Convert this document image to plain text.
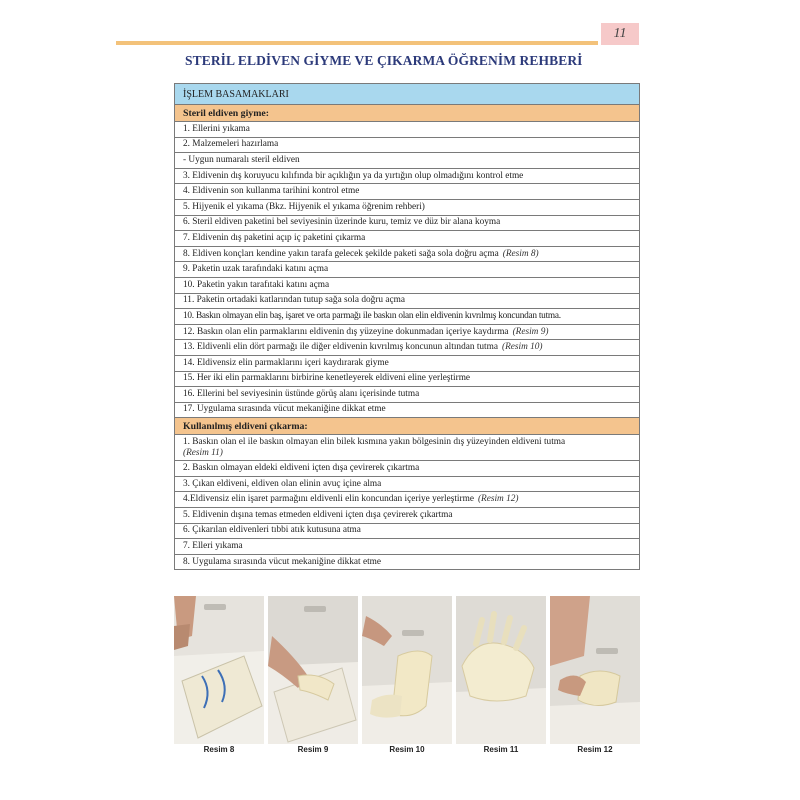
11
STERİL ELDİVEN GİYME VE ÇIKARMA ÖĞRENİM REHBERİ
İŞLEM BASAMAKLARI
Steril eldiven giyme:
1. Ellerini yıkama
2. Malzemeleri hazırlama
- Uygun numaralı steril eldiven
3. Eldivenin dış koruyucu kılıfında bir açıklığın ya da yırtığın olup olmadığını kontrol etme
4. Eldivenin son kullanma tarihini kontrol etme
5. Hijyenik el yıkama (Bkz. Hijyenik el yıkama öğrenim rehberi)
6. Steril eldiven paketini bel seviyesinin üzerinde kuru, temiz ve düz bir alana koyma
7. Eldivenin dış paketini açıp iç paketini çıkarma
8. Eldiven konçları kendine yakın tarafa gelecek şekilde paketi sağa sola doğru açma (Resim 8)
9. Paketin uzak tarafındaki katını açma
10. Paketin yakın tarafıtaki katını açma
11. Paketin ortadaki katlarından tutup sağa sola doğru açma
10. Baskın olmayan elin baş, işaret ve orta parmağı ile baskın olan elin eldivenin kıvrılmış koncundan tutma.
12. Baskın olan elin parmaklarını eldivenin dış yüzeyine dokunmadan içeriye kaydırma (Resim 9)
13. Eldivenli elin dört parmağı ile diğer eldivenin kıvrılmış koncunun altından tutma (Resim 10)
14. Eldivensiz elin parmaklarını içeri kaydırarak giyme
15. Her iki elin parmaklarını birbirine kenetleyerek eldiveni eline yerleştirme
16. Ellerini bel seviyesinin üstünde görüş alanı içerisinde tutma
17. Uygulama sırasında vücut mekaniğine dikkat etme
Kullanılmış eldiveni çıkarma:
1. Baskın olan el ile baskın olmayan elin bilek kısmına yakın bölgesinin dış yüzeyinden eldiveni tutma
(Resim 11)
2. Baskın olmayan eldeki eldiveni içten dışa çevirerek çıkartma
3. Çıkan eldiveni, eldiven olan elinin avuç içine alma
4.Eldivensiz elin işaret parmağını eldivenli elin koncundan içeriye yerleştirme (Resim 12)
5. Eldivenin dışına temas etmeden eldiveni içten dışa çevirerek çıkartma
6. Çıkarılan eldivenleri tıbbi atık kutusuna atma
7. Elleri yıkama
8. Uygulama sırasında vücut mekaniğine dikkat etme
Resim 8	Resim 9	Resim 10	Resim 11	Resim 12
